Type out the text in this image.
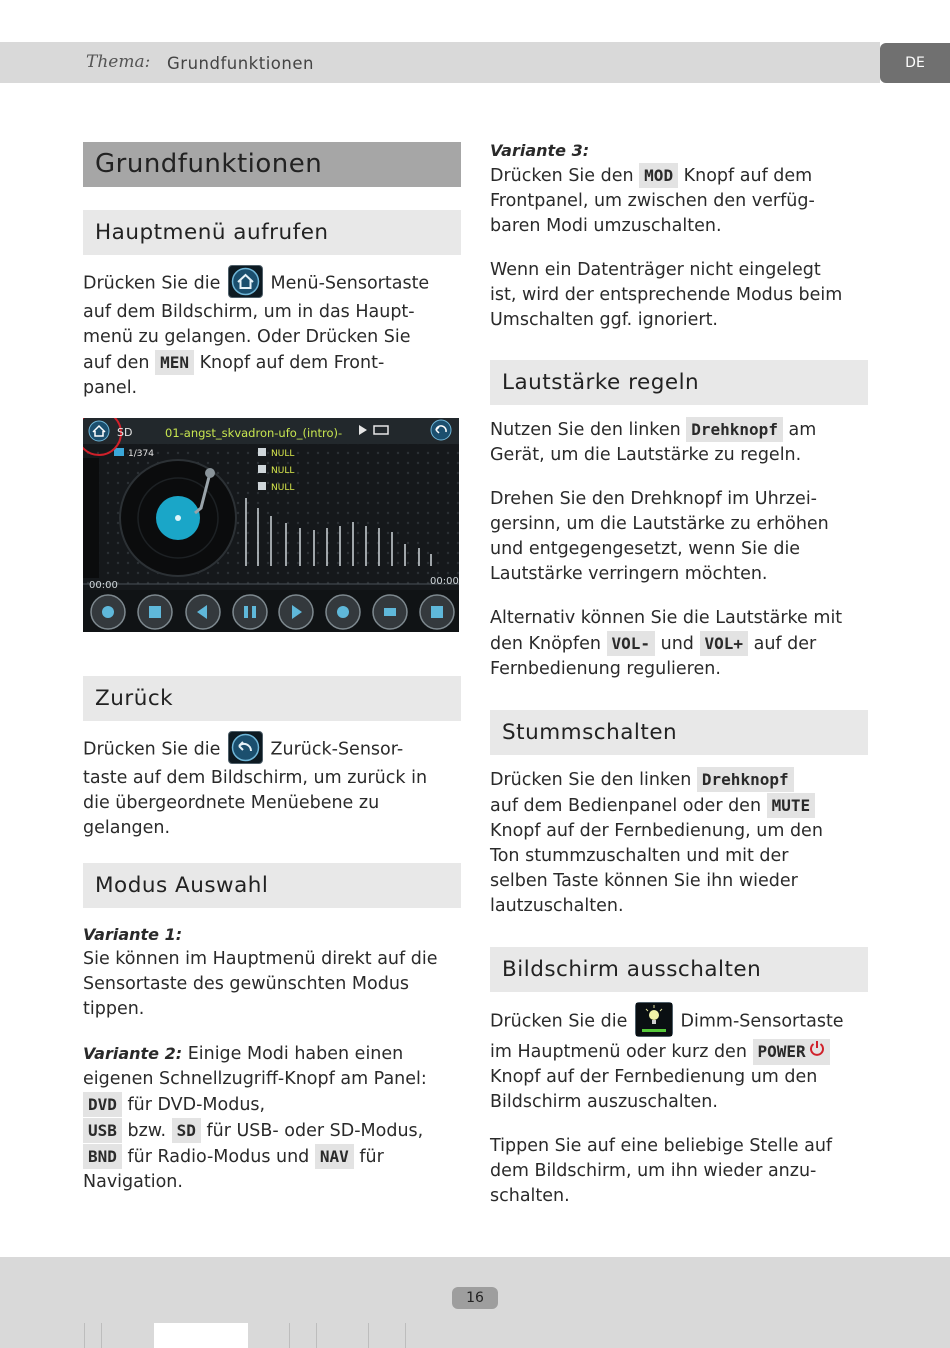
Thema: Grundfunktionen	DE
Grundfunktionen
Hauptmenü aufrufen

Drücken Sie die	Menü-Sensortaste

auf dem Bildschirm, um in das Haupt-

menü zu gelangen. Oder Drücken Sie

auf den MEN Knopf auf dem Front-

panel.

SD	01-angst_skvadron-ufo_(intro)-
1/374	NULL
NULL
NULL
00:00	00:00
Zurück

Drücken Sie die	Zurück-Sensor-

taste auf dem Bildschirm, um zurück in

die übergeordnete Menüebene zu

gelangen.

Modus Auswahl

Variante 1:

Sie können im Hauptmenü direkt auf die

Sensortaste des gewünschten Modus

tippen.

Variante 2: Einige Modi haben einen

eigenen Schnellzugriff-Knopf am Panel:

DVD für DVD-Modus,

USB bzw. SD für USB- oder SD-Modus,

BND für Radio-Modus und NAV für

Navigation.

Variante 3:

Drücken Sie den MOD Knopf auf dem

Frontpanel, um zwischen den verfüg-

baren Modi umzuschalten.

Wenn ein Datenträger nicht eingelegt

ist, wird der entsprechende Modus beim

Umschalten ggf. ignoriert.

Lautstärke regeln

Nutzen Sie den linken Drehknopf am

Gerät, um die Lautstärke zu regeln.

Drehen Sie den Drehknopf im Uhrzei-

gersinn, um die Lautstärke zu erhöhen

und entgegengesetzt, wenn Sie die

Lautstärke verringern möchten.

Alternativ können Sie die Lautstärke mit

den Knöpfen VOL- und VOL+ auf der

Fernbedienung regulieren.

Stummschalten

Drücken Sie den linken Drehknopf

auf dem Bedienpanel oder den MUTE

Knopf auf der Fernbedienung, um den

Ton stummzuschalten und mit der

selben Taste können Sie ihn wieder

lautzuschalten.

Bildschirm ausschalten

Drücken Sie die	Dimm-Sensortaste

im Hauptmenü oder kurz den POWER

Knopf auf der Fernbedienung um den

Bildschirm auszuschalten.

Tippen Sie auf eine beliebige Stelle auf

dem Bildschirm, um ihn wieder anzu-

schalten.

16
